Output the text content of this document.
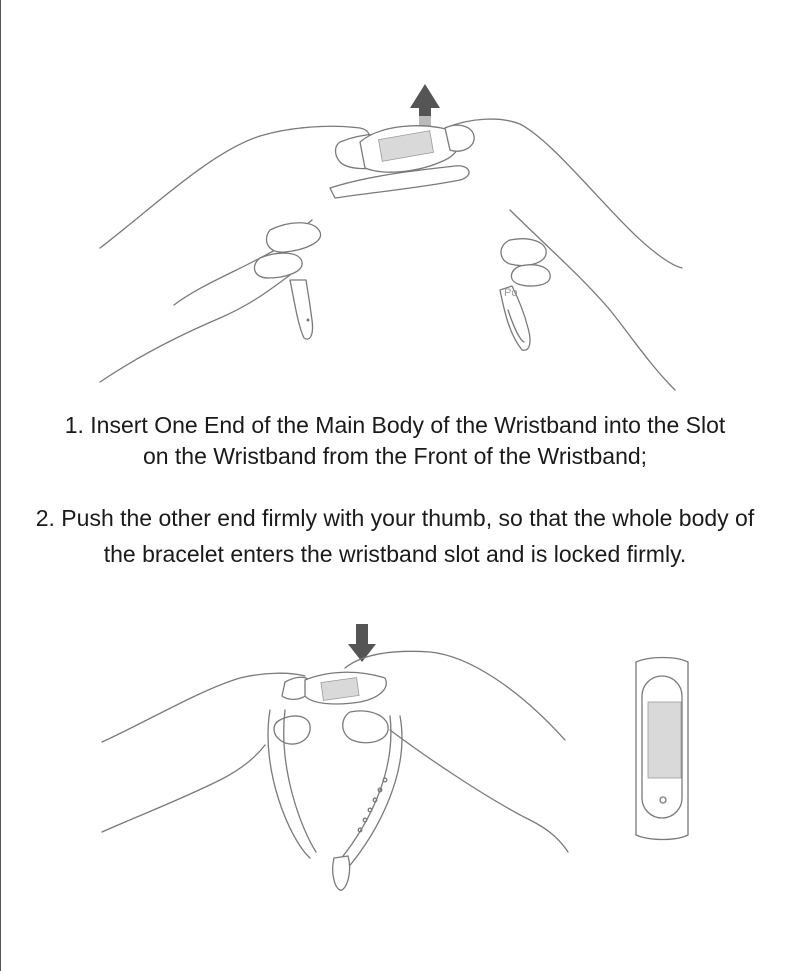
Po
1. Insert One End of the Main Body of the Wristband into the Slot
on the Wristband from the Front of the Wristband;
2. Push the other end firmly with your thumb, so that the whole body of
the bracelet enters the wristband slot and is locked firmly.
